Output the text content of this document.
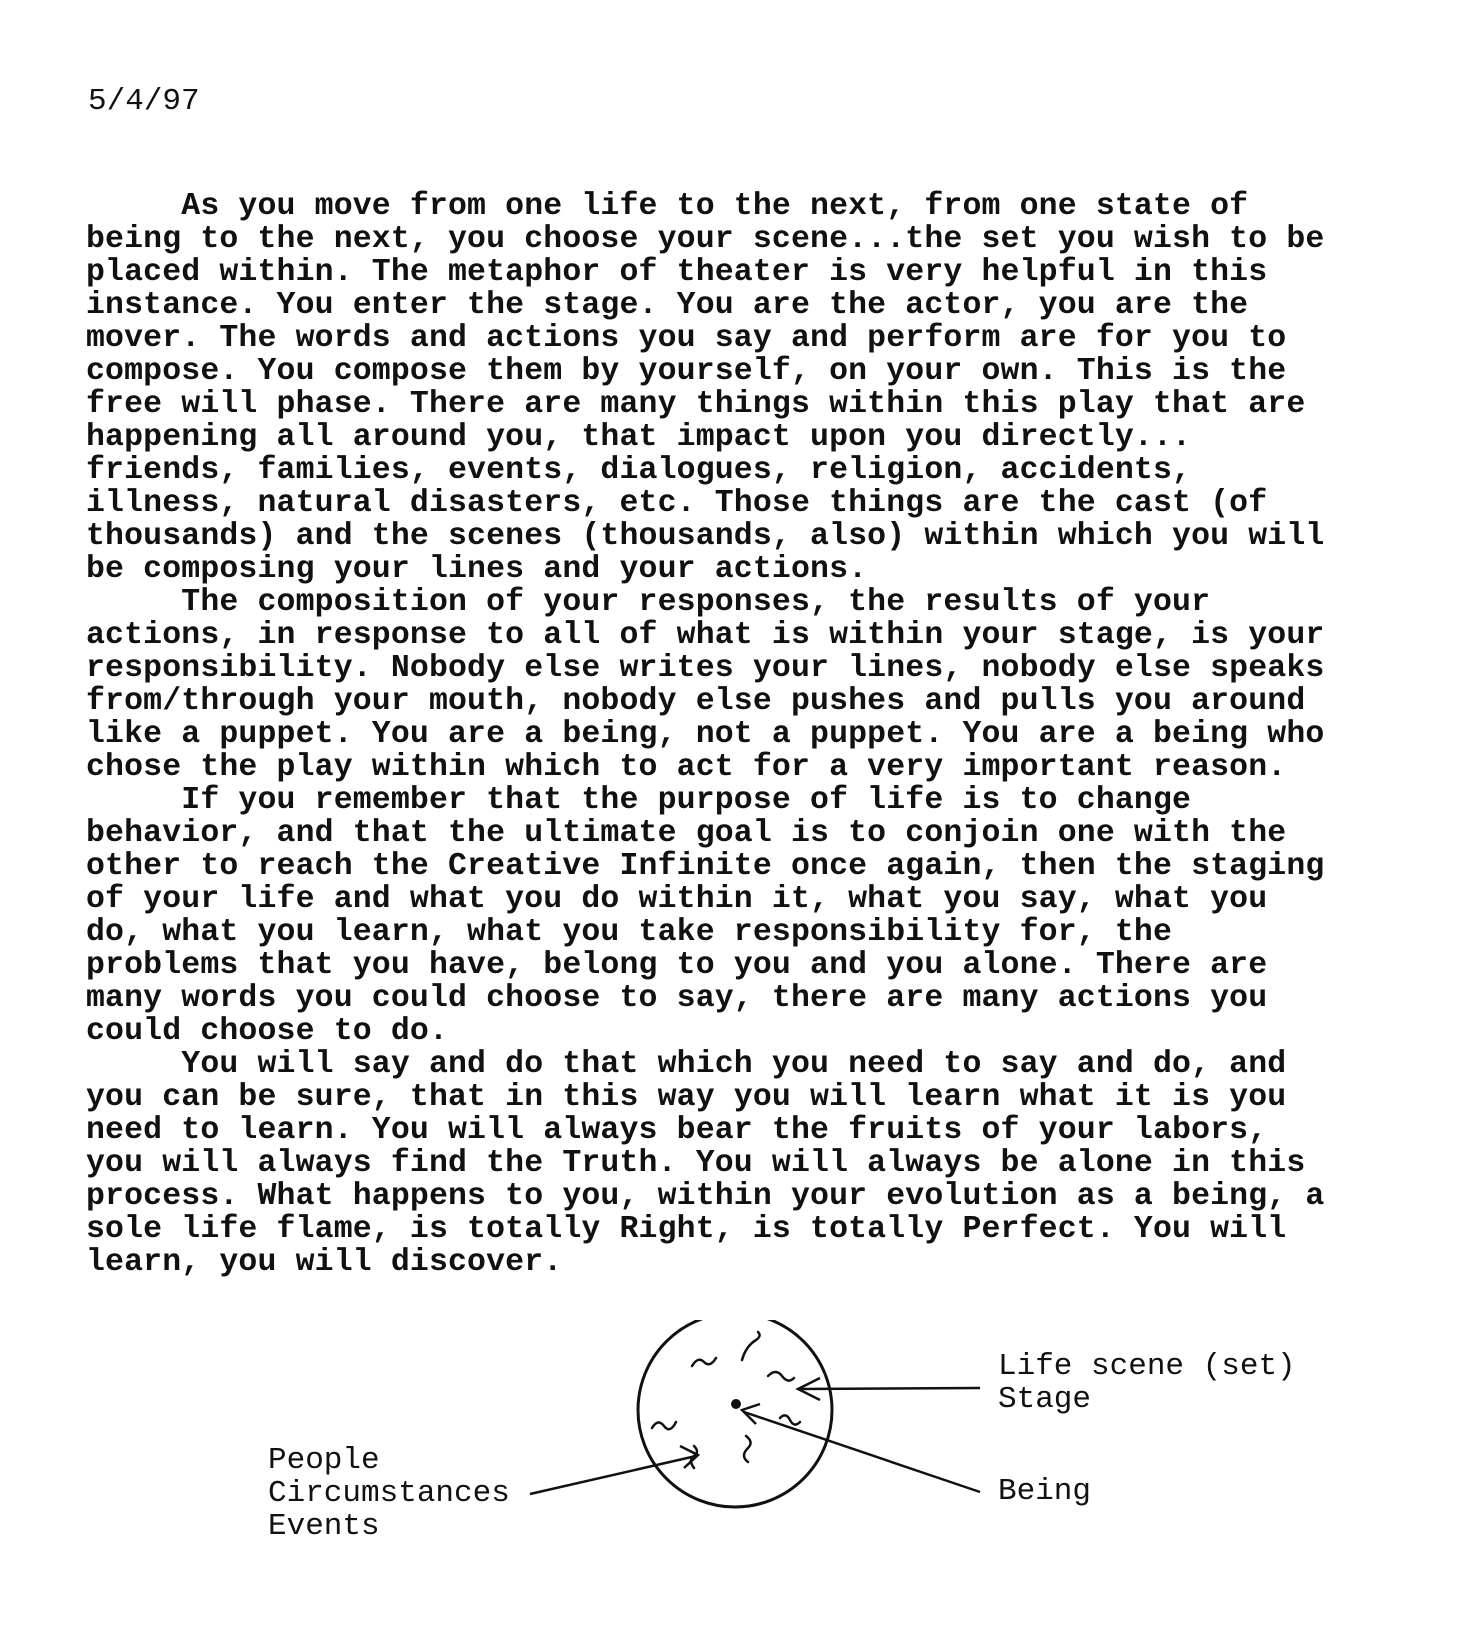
5/4/97
As you move from one life to the next, from one state of
being to the next, you choose your scene...the set you wish to be
placed within. The metaphor of theater is very helpful in this
instance. You enter the stage. You are the actor, you are the
mover. The words and actions you say and perform are for you to
compose. You compose them by yourself, on your own. This is the
free will phase. There are many things within this play that are
happening all around you, that impact upon you directly...
friends, families, events, dialogues, religion, accidents,
illness, natural disasters, etc. Those things are the cast (of
thousands) and the scenes (thousands, also) within which you will
be composing your lines and your actions.
The composition of your responses, the results of your
actions, in response to all of what is within your stage, is your
responsibility. Nobody else writes your lines, nobody else speaks
from/through your mouth, nobody else pushes and pulls you around
like a puppet. You are a being, not a puppet. You are a being who
chose the play within which to act for a very important reason.
If you remember that the purpose of life is to change
behavior, and that the ultimate goal is to conjoin one with the
other to reach the Creative Infinite once again, then the staging
of your life and what you do within it, what you say, what you
do, what you learn, what you take responsibility for, the
problems that you have, belong to you and you alone. There are
many words you could choose to say, there are many actions you
could choose to do.
You will say and do that which you need to say and do, and
you can be sure, that in this way you will learn what it is you
need to learn. You will always bear the fruits of your labors,
you will always find the Truth. You will always be alone in this
process. What happens to you, within your evolution as a being, a
sole life flame, is totally Right, is totally Perfect. You will
learn, you will discover.
Life scene (set)
Stage
Being
People
Circumstances
Events
